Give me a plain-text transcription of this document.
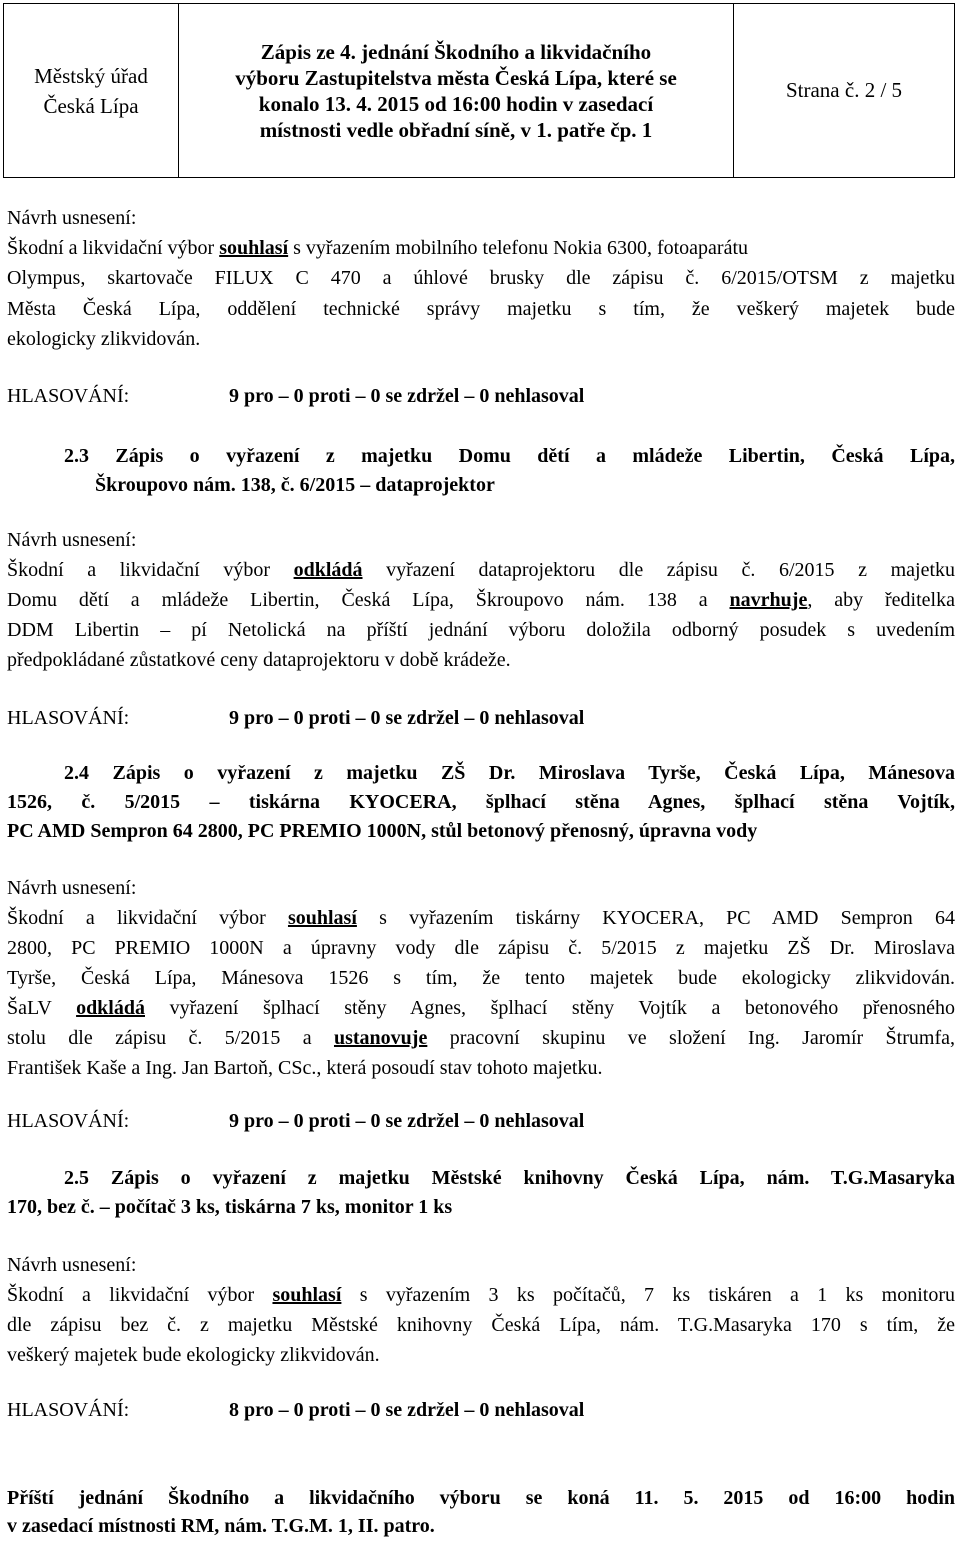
Městský úřad
Česká Lípa
Zápis ze 4. jednání Škodního a likvidačního
výboru Zastupitelstva města Česká Lípa, které se
konalo 13. 4. 2015 od 16:00 hodin v zasedací
místnosti vedle obřadní síně, v 1. patře čp. 1
Strana č. 2 / 5
Návrh usnesení:
Škodní a likvidační výbor souhlasí s vyřazením mobilního telefonu Nokia 6300, fotoaparátu
Olympus, skartovače FILUX C 470 a úhlové brusky dle zápisu č. 6/2015/OTSM z majetku
Města Česká Lípa, oddělení technické správy majetku s tím, že veškerý majetek bude
ekologicky zlikvidován.
HLASOVÁNÍ:	9 pro – 0 proti – 0 se zdržel – 0 nehlasoval
2.3 Zápis o vyřazení z majetku Domu dětí a mládeže Libertin, Česká Lípa,
Škroupovo nám. 138, č. 6/2015 – dataprojektor
Návrh usnesení:
Škodní a likvidační výbor odkládá vyřazení dataprojektoru dle zápisu č. 6/2015 z majetku
Domu dětí a mládeže Libertin, Česká Lípa, Škroupovo nám. 138 a navrhuje, aby ředitelka
DDM Libertin – pí Netolická na příští jednání výboru doložila odborný posudek s uvedením
předpokládané zůstatkové ceny dataprojektoru v době krádeže.
HLASOVÁNÍ:	9 pro – 0 proti – 0 se zdržel – 0 nehlasoval
2.4 Zápis o vyřazení z majetku ZŠ Dr. Miroslava Tyrše, Česká Lípa, Mánesova
1526, č. 5/2015 – tiskárna KYOCERA, šplhací stěna Agnes, šplhací stěna Vojtík,
PC AMD Sempron 64 2800, PC PREMIO 1000N, stůl betonový přenosný, úpravna vody
Návrh usnesení:
Škodní a likvidační výbor souhlasí s vyřazením tiskárny KYOCERA, PC AMD Sempron 64
2800, PC PREMIO 1000N a úpravny vody dle zápisu č. 5/2015 z majetku ZŠ Dr. Miroslava
Tyrše, Česká Lípa, Mánesova 1526 s tím, že tento majetek bude ekologicky zlikvidován.
ŠaLV odkládá vyřazení šplhací stěny Agnes, šplhací stěny Vojtík a betonového přenosného
stolu dle zápisu č. 5/2015 a ustanovuje pracovní skupinu ve složení Ing. Jaromír Štrumfa,
František Kaše a Ing. Jan Bartoň, CSc., která posoudí stav tohoto majetku.
HLASOVÁNÍ:	9 pro – 0 proti – 0 se zdržel – 0 nehlasoval
2.5 Zápis o vyřazení z majetku Městské knihovny Česká Lípa, nám. T.G.Masaryka
170, bez č. – počítač 3 ks, tiskárna 7 ks, monitor 1 ks
Návrh usnesení:
Škodní a likvidační výbor souhlasí s vyřazením 3 ks počítačů, 7 ks tiskáren a 1 ks monitoru
dle zápisu bez č. z majetku Městské knihovny Česká Lípa, nám. T.G.Masaryka 170 s tím, že
veškerý majetek bude ekologicky zlikvidován.
HLASOVÁNÍ:	8 pro – 0 proti – 0 se zdržel – 0 nehlasoval
Příští jednání Škodního a likvidačního výboru se koná 11. 5. 2015 od 16:00 hodin
v zasedací místnosti RM, nám. T.G.M. 1, II. patro.
